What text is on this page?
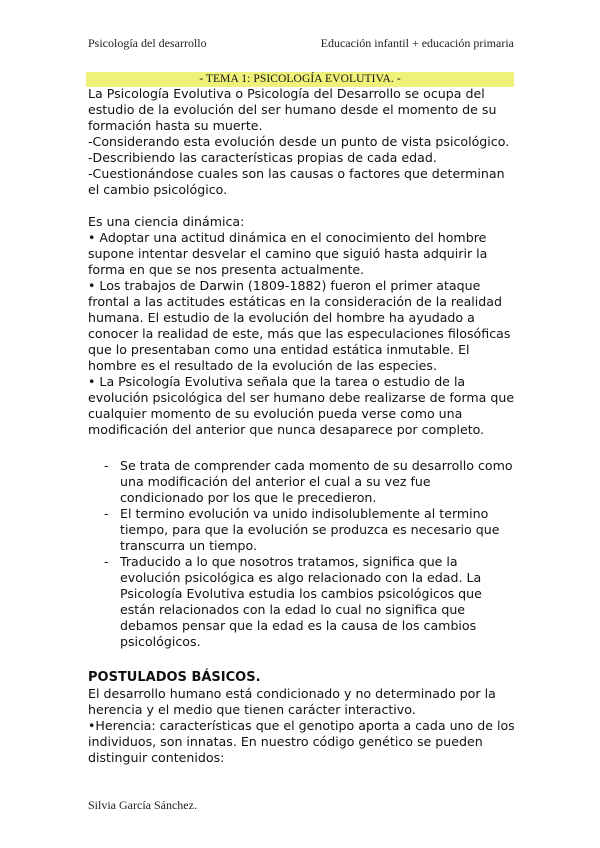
Psicología del desarrollo	Educación infantil + educación primaria
- TEMA 1: PSICOLOGÍA EVOLUTIVA. -

La Psicología Evolutiva o Psicología del Desarrollo se ocupa del estudio de la evolución del ser humano desde el momento de su formación hasta su muerte.

-Considerando esta evolución desde un punto de vista psicológico.

-Describiendo las características propias de cada edad.

-Cuestionándose cuales son las causas o factores que determinan el cambio psicológico.

Es una ciencia dinámica:

• Adoptar una actitud dinámica en el conocimiento del hombre supone intentar desvelar el camino que siguió hasta adquirir la forma en que se nos presenta actualmente.

• Los trabajos de Darwin (1809-1882) fueron el primer ataque frontal a las actitudes estáticas en la consideración de la realidad humana. El estudio de la evolución del hombre ha ayudado a conocer la realidad de este, más que las especulaciones filosóficas que lo presentaban como una entidad estática inmutable. El hombre es el resultado de la evolución de las especies.

• La Psicología Evolutiva señala que la tarea o estudio de la evolución psicológica del ser humano debe realizarse de forma que cualquier momento de su evolución pueda verse como una modificación del anterior que nunca desaparece por completo.

- Se trata de comprender cada momento de su desarrollo como una modificación del anterior el cual a su vez fue condicionado por los que le precedieron.
- El termino evolución va unido indisolublemente al termino tiempo, para que la evolución se produzca es necesario que transcurra un tiempo.
- Traducido a lo que nosotros tratamos, significa que la evolución psicológica es algo relacionado con la edad. La Psicología Evolutiva estudia los cambios psicológicos que están relacionados con la edad lo cual no significa que debamos pensar que la edad es la causa de los cambios psicológicos.

POSTULADOS BÁSICOS.

El desarrollo humano está condicionado y no determinado por la herencia y el medio que tienen carácter interactivo.

•Herencia: características que el genotipo aporta a cada uno de los individuos, son innatas. En nuestro código genético se pueden distinguir contenidos:

Silvia García Sánchez.
